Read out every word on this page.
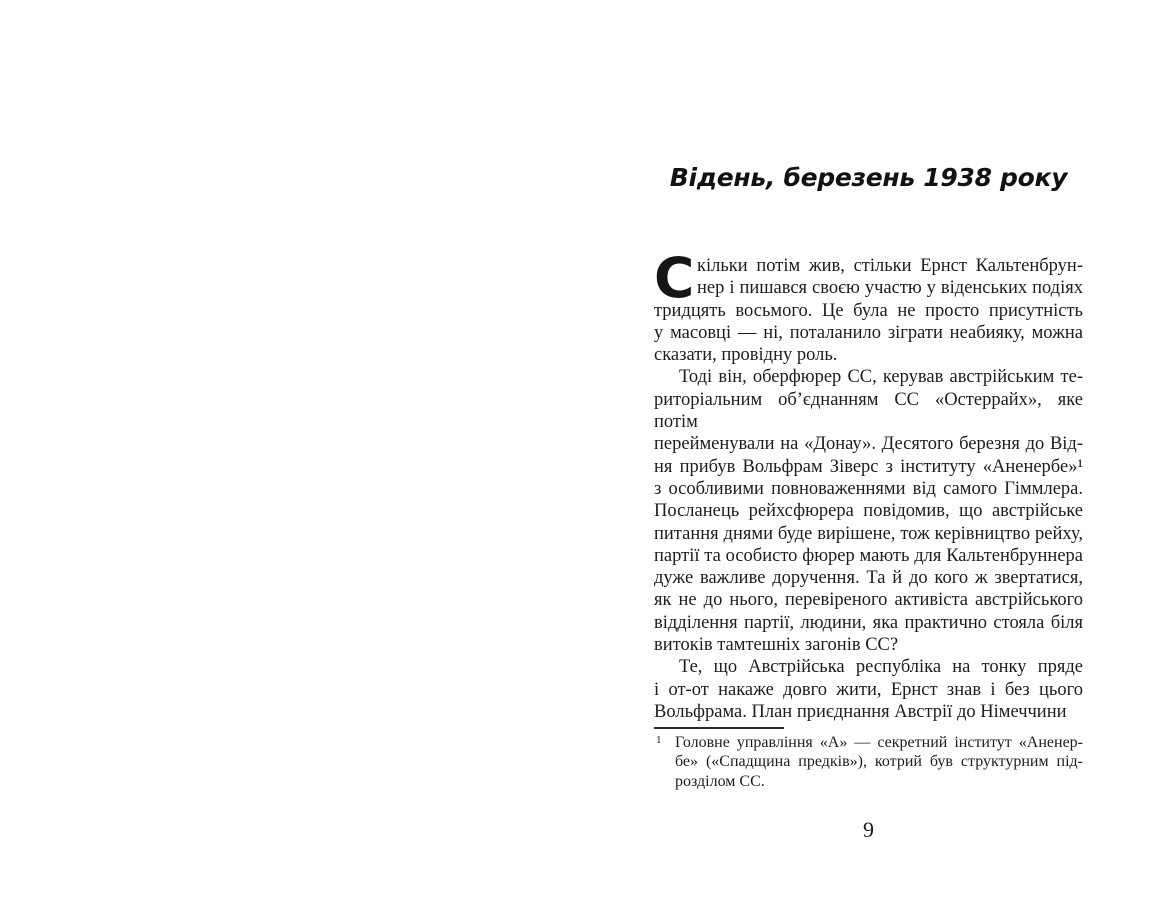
Відень, березень 1938 року
С кільки потім жив, стільки Ернст Кальтенбрун-
нер і пишався своєю участю у віденських подіях
тридцять восьмого. Це була не просто присутність
у масовці — ні, поталанило зіграти неабияку, можна
сказати, провідну роль.
Тоді він, оберфюрер СС, керував австрійським те-
риторіальним об’єднанням СС «Остеррайх», яке потім
перейменували на «Донау». Десятого березня до Від-
ня прибув Вольфрам Зіверс з інституту «Аненербе»¹
з особливими повноваженнями від самого Гіммлера.
Посланець рейхсфюрера повідомив, що австрійське
питання днями буде вирішене, тож керівництво рейху,
партії та особисто фюрер мають для Кальтенбруннера
дуже важливе доручення. Та й до кого ж звертатися,
як не до нього, перевіреного активіста австрійського
відділення партії, людини, яка практично стояла біля
витоків тамтешніх загонів СС?
Те, що Австрійська республіка на тонку пряде
і от-от накаже довго жити, Ернст знав і без цього
Вольфрама. План приєднання Австрії до Німеччини
9
1 Головне управління «А» — секретний інститут «Аненер-
бе» («Спадщина предків»), котрий був структурним під-
розділом СС.
